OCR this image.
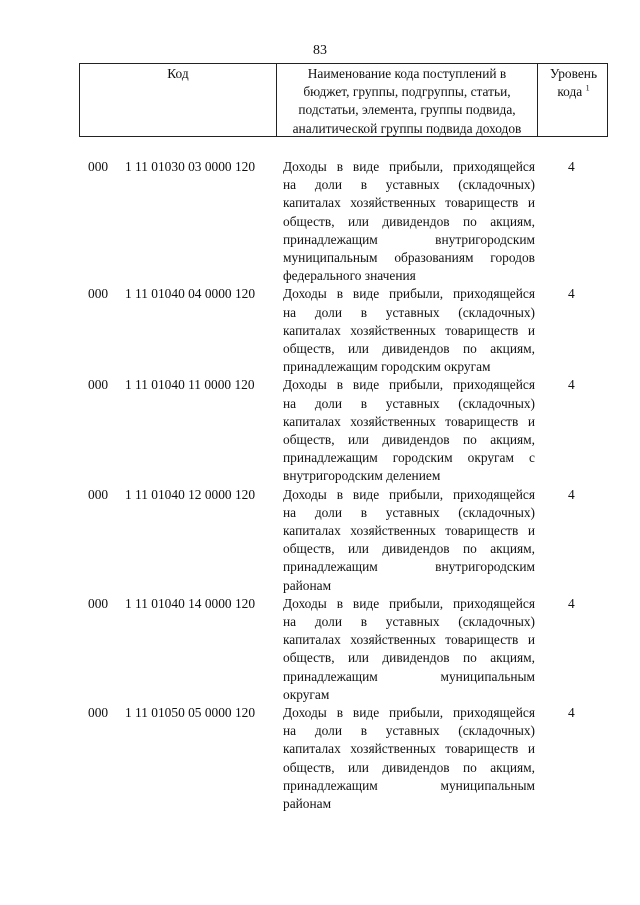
83
Код	Наименование кода поступлений в
бюджет, группы, подгруппы, статьи,
подстатьи, элемента, группы подвида,
аналитической группы подвида доходов
Уровень
кода $^1$
000 1 11 01030 03 0000 120 Доходы в виде прибыли, приходящейся
на доли в уставных (складочных)
капиталах хозяйственных товариществ и
обществ, или дивидендов по акциям,
принадлежащим внутригородским
муниципальным образованиям городов
федерального значения
4
000 1 11 01040 04 0000 120 Доходы в виде прибыли, приходящейся
на доли в уставных (складочных)
капиталах хозяйственных товариществ и
обществ, или дивидендов по акциям,
принадлежащим городским округам
4
000 1 11 01040 11 0000 120 Доходы в виде прибыли, приходящейся
на доли в уставных (складочных)
капиталах хозяйственных товариществ и
обществ, или дивидендов по акциям,
принадлежащим городским округам с
внутригородским делением
4
000 1 11 01040 12 0000 120 Доходы в виде прибыли, приходящейся
на доли в уставных (складочных)
капиталах хозяйственных товариществ и
обществ, или дивидендов по акциям,
принадлежащим внутригородским
районам
4
000 1 11 01040 14 0000 120 Доходы в виде прибыли, приходящейся
на доли в уставных (складочных)
капиталах хозяйственных товариществ и
обществ, или дивидендов по акциям,
принадлежащим муниципальным
округам
4
000 1 11 01050 05 0000 120 Доходы в виде прибыли, приходящейся
на доли в уставных (складочных)
капиталах хозяйственных товариществ и
обществ, или дивидендов по акциям,
принадлежащим муниципальным
районам
4
